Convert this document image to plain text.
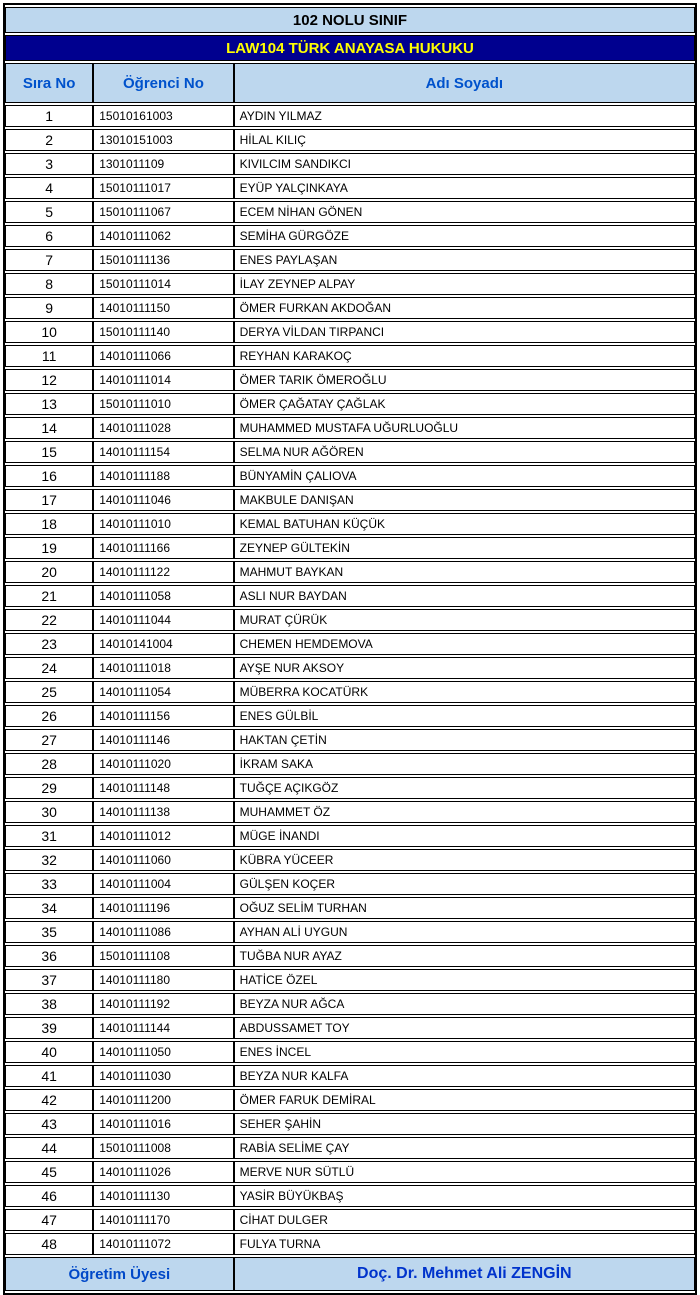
102 NOLU SINIF		
LAW104 TÜRK ANAYASA HUKUKU		
Sıra No	Öğrenci No	Adı Soyadı
1	15010161003	AYDIN YILMAZ
2	13010151003	HİLAL KILIÇ
3	1301011109	KIVILCIM SANDIKCI
4	15010111017	EYÜP YALÇINKAYA
5	15010111067	ECEM NİHAN GÖNEN
6	14010111062	SEMİHA GÜRGÖZE
7	15010111136	ENES PAYLAŞAN
8	15010111014	İLAY ZEYNEP ALPAY
9	14010111150	ÖMER FURKAN AKDOĞAN
10	15010111140	DERYA VİLDAN TIRPANCI
11	14010111066	REYHAN KARAKOÇ
12	14010111014	ÖMER TARIK ÖMEROĞLU
13	15010111010	ÖMER ÇAĞATAY ÇAĞLAK
14	14010111028	MUHAMMED MUSTAFA UĞURLUOĞLU
15	14010111154	SELMA NUR AĞÖREN
16	14010111188	BÜNYAMİN ÇALIOVA
17	14010111046	MAKBULE DANIŞAN
18	14010111010	KEMAL BATUHAN KÜÇÜK
19	14010111166	ZEYNEP GÜLTEKİN
20	14010111122	MAHMUT BAYKAN
21	14010111058	ASLI NUR BAYDAN
22	14010111044	MURAT ÇÜRÜK
23	14010141004	CHEMEN HEMDEMOVA
24	14010111018	AYŞE NUR AKSOY
25	14010111054	MÜBERRA KOCATÜRK
26	14010111156	ENES GÜLBİL
27	14010111146	HAKTAN ÇETİN
28	14010111020	İKRAM SAKA
29	14010111148	TUĞÇE AÇIKGÖZ
30	14010111138	MUHAMMET ÖZ
31	14010111012	MÜGE İNANDI
32	14010111060	KÜBRA YÜCEER
33	14010111004	GÜLŞEN KOÇER
34	14010111196	OĞUZ SELİM TURHAN
35	14010111086	AYHAN ALİ UYGUN
36	15010111108	TUĞBA NUR AYAZ
37	14010111180	HATİCE ÖZEL
38	14010111192	BEYZA NUR AĞCA
39	14010111144	ABDUSSAMET TOY
40	14010111050	ENES İNCEL
41	14010111030	BEYZA NUR KALFA
42	14010111200	ÖMER FARUK DEMİRAL
43	14010111016	SEHER ŞAHİN
44	15010111008	RABİA SELİME ÇAY
45	14010111026	MERVE NUR SÜTLÜ
46	14010111130	YASİR BÜYÜKBAŞ
47	14010111170	CİHAT DULGER
48	14010111072	FULYA TURNA
Öğretim Üyesi		Doç. Dr. Mehmet Ali ZENGİN
